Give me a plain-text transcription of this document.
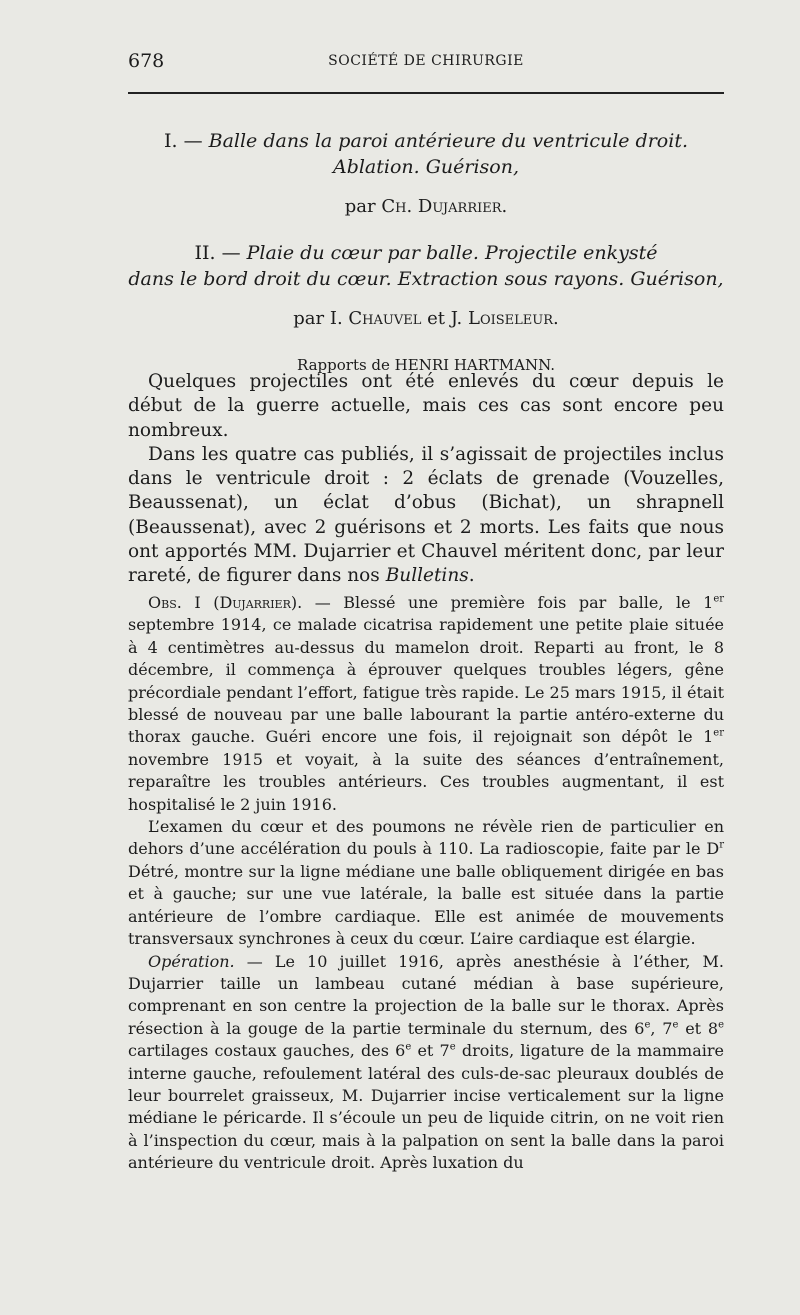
678	SOCIÉTÉ DE CHIRURGIE
I. — Balle dans la paroi antérieure du ventricule droit.
Ablation. Guérison,
par Ch. Dujarrier.
II. — Plaie du cœur par balle. Projectile enkysté
dans le bord droit du cœur. Extraction sous rayons. Guérison,
par I. Chauvel et J. Loiseleur.
Rapports de HENRI HARTMANN.

Quelques projectiles ont été enlevés du cœur depuis le début de la guerre actuelle, mais ces cas sont encore peu nombreux.

Dans les quatre cas publiés, il s’agissait de projectiles inclus dans le ventricule droit : 2 éclats de grenade (Vouzelles, Beaussenat), un éclat d’obus (Bichat), un shrapnell (Beaussenat), avec 2 guérisons et 2 morts. Les faits que nous ont apportés MM. Dujarrier et Chauvel méritent donc, par leur rareté, de figurer dans nos Bulletins.

Obs. I (Dujarrier). — Blessé une première fois par balle, le 1er septembre 1914, ce malade cicatrisa rapidement une petite plaie située à 4 centimètres au-dessus du mamelon droit. Reparti au front, le 8 décembre, il commença à éprouver quelques troubles légers, gêne précordiale pendant l’effort, fatigue très rapide. Le 25 mars 1915, il était blessé de nouveau par une balle labourant la partie antéro-externe du thorax gauche. Guéri encore une fois, il rejoignait son dépôt le 1er novembre 1915 et voyait, à la suite des séances d’entraînement, reparaître les troubles antérieurs. Ces troubles augmentant, il est hospitalisé le 2 juin 1916.

L’examen du cœur et des poumons ne révèle rien de particulier en dehors d’une accélération du pouls à 110. La radioscopie, faite par le $D^r$ Détré, montre sur la ligne médiane une balle obliquement dirigée en bas et à gauche; sur une vue latérale, la balle est située dans la partie antérieure de l’ombre cardiaque. Elle est animée de mouvements transversaux synchrones à ceux du cœur. L’aire cardiaque est élargie.

Opération. — Le 10 juillet 1916, après anesthésie à l’éther, M. Dujarrier taille un lambeau cutané médian à base supérieure, comprenant en son centre la projection de la balle sur le thorax. Après résection à la gouge de la partie terminale du sternum, des 6e, 7e et 8e cartilages costaux gauches, des 6e et 7e droits, ligature de la mammaire interne gauche, refoulement latéral des culs-de-sac pleuraux doublés de leur bourrelet graisseux, M. Dujarrier incise verticalement sur la ligne médiane le péricarde. Il s’écoule un peu de liquide citrin, on ne voit rien à l’inspection du cœur, mais à la palpation on sent la balle dans la paroi antérieure du ventricule droit. Après luxation du
